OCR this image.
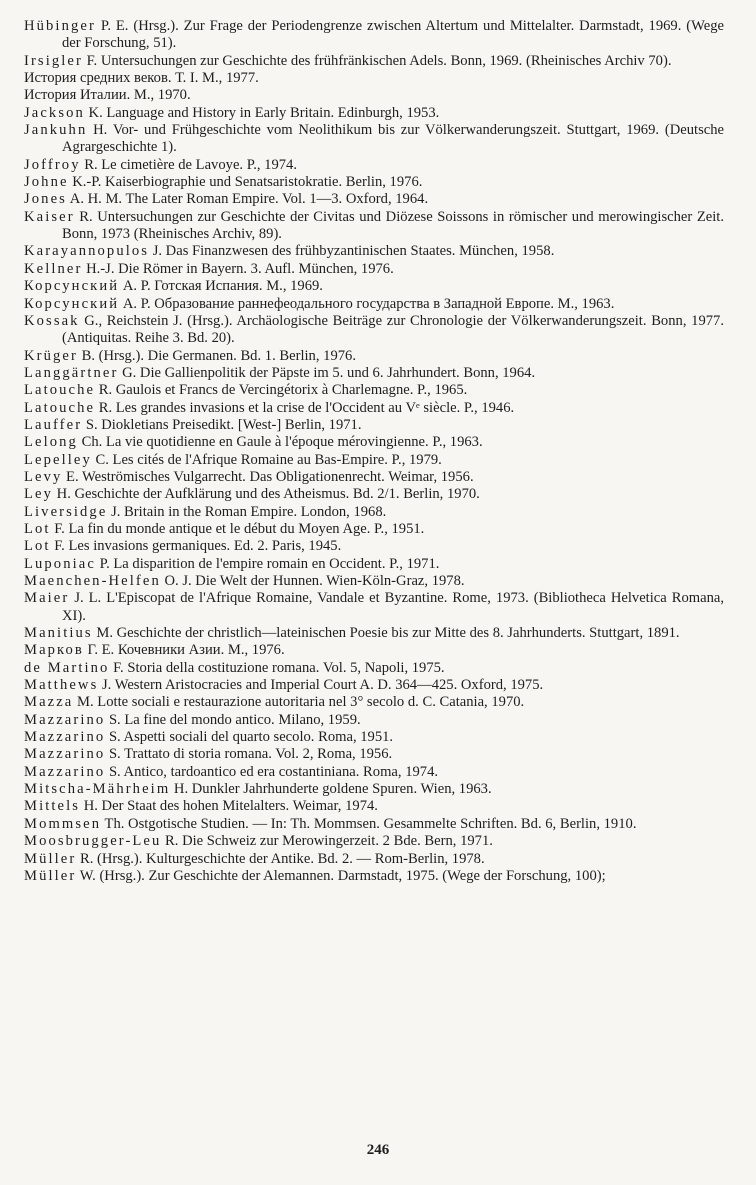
Hübinger P. E. (Hrsg.). Zur Frage der Periodengrenze zwischen Altertum und Mittelalter. Darmstadt, 1969. (Wege der Forschung, 51).
Irsigler F. Untersuchungen zur Geschichte des frühfränkischen Adels. Bonn, 1969. (Rheinisches Archiv 70).
История средних веков. Т. I. М., 1977.
История Италии. М., 1970.
Jackson K. Language and History in Early Britain. Edinburgh, 1953.
Jankuhn H. Vor- und Frühgeschichte vom Neolithikum bis zur Völkerwanderungszeit. Stuttgart, 1969. (Deutsche Agrargeschichte 1).
Joffroy R. Le cimetière de Lavoye. P., 1974.
Johne K.-P. Kaiserbiographie und Senatsaristokratie. Berlin, 1976.
Jones A. H. M. The Later Roman Empire. Vol. 1—3. Oxford, 1964.
Kaiser R. Untersuchungen zur Geschichte der Civitas und Diözese Soissons in römischer und merowingischer Zeit. Bonn, 1973 (Rheinisches Archiv, 89).
Karayannopulos J. Das Finanzwesen des frühbyzantinischen Staates. München, 1958.
Kellner H.-J. Die Römer in Bayern. 3. Aufl. München, 1976.
Корсунский А. Р. Готская Испания. М., 1969.
Корсунский А. Р. Образование раннефеодального государства в Западной Европе. М., 1963.
Kossak G., Reichstein J. (Hrsg.). Archäologische Beiträge zur Chronologie der Völkerwanderungszeit. Bonn, 1977. (Antiquitas. Reihe 3. Bd. 20).
Krüger B. (Hrsg.). Die Germanen. Bd. 1. Berlin, 1976.
Langgärtner G. Die Gallienpolitik der Päpste im 5. und 6. Jahrhundert. Bonn, 1964.
Latouche R. Gaulois et Francs de Vercingétorix à Charlemagne. P., 1965.
Latouche R. Les grandes invasions et la crise de l'Occident au Vᵉ siècle. P., 1946.
Lauffer S. Diokletians Preisedikt. [West-] Berlin, 1971.
Lelong Ch. La vie quotidienne en Gaule à l'époque mérovingienne. P., 1963.
Lepelley C. Les cités de l'Afrique Romaine au Bas-Empire. P., 1979.
Levy E. Weströmisches Vulgarrecht. Das Obligationenrecht. Weimar, 1956.
Ley H. Geschichte der Aufklärung und des Atheismus. Bd. 2/1. Berlin, 1970.
Liversidge J. Britain in the Roman Empire. London, 1968.
Lot F. La fin du monde antique et le début du Moyen Age. P., 1951.
Lot F. Les invasions germaniques. Ed. 2. Paris, 1945.
Luponiac P. La disparition de l'empire romain en Occident. P., 1971.
Maenchen-Helfen O. J. Die Welt der Hunnen. Wien-Köln-Graz, 1978.
Maier J. L. L'Episcopat de l'Afrique Romaine, Vandale et Byzantine. Rome, 1973. (Bibliotheca Helvetica Romana, XI).
Manitius M. Geschichte der christlich—lateinischen Poesie bis zur Mitte des 8. Jahrhunderts. Stuttgart, 1891.
Марков Г. Е. Кочевники Азии. М., 1976.
de Martino F. Storia della costituzione romana. Vol. 5, Napoli, 1975.
Matthews J. Western Aristocracies and Imperial Court A. D. 364—425. Oxford, 1975.
Mazza M. Lotte sociali e restaurazione autoritaria nel 3° secolo d. C. Catania, 1970.
Mazzarino S. La fine del mondo antico. Milano, 1959.
Mazzarino S. Aspetti sociali del quarto secolo. Roma, 1951.
Mazzarino S. Trattato di storia romana. Vol. 2, Roma, 1956.
Mazzarino S. Antico, tardoantico ed era costantiniana. Roma, 1974.
Mitscha-Mährheim H. Dunkler Jahrhunderte goldene Spuren. Wien, 1963.
Mittels H. Der Staat des hohen Mitelalters. Weimar, 1974.
Mommsen Th. Ostgotische Studien. — In: Th. Mommsen. Gesammelte Schriften. Bd. 6, Berlin, 1910.
Moosbrugger-Leu R. Die Schweiz zur Merowingerzeit. 2 Bde. Bern, 1971.
Müller R. (Hrsg.). Kulturgeschichte der Antike. Bd. 2. — Rom-Berlin, 1978.
Müller W. (Hrsg.). Zur Geschichte der Alemannen. Darmstadt, 1975. (Wege der Forschung, 100);
246
